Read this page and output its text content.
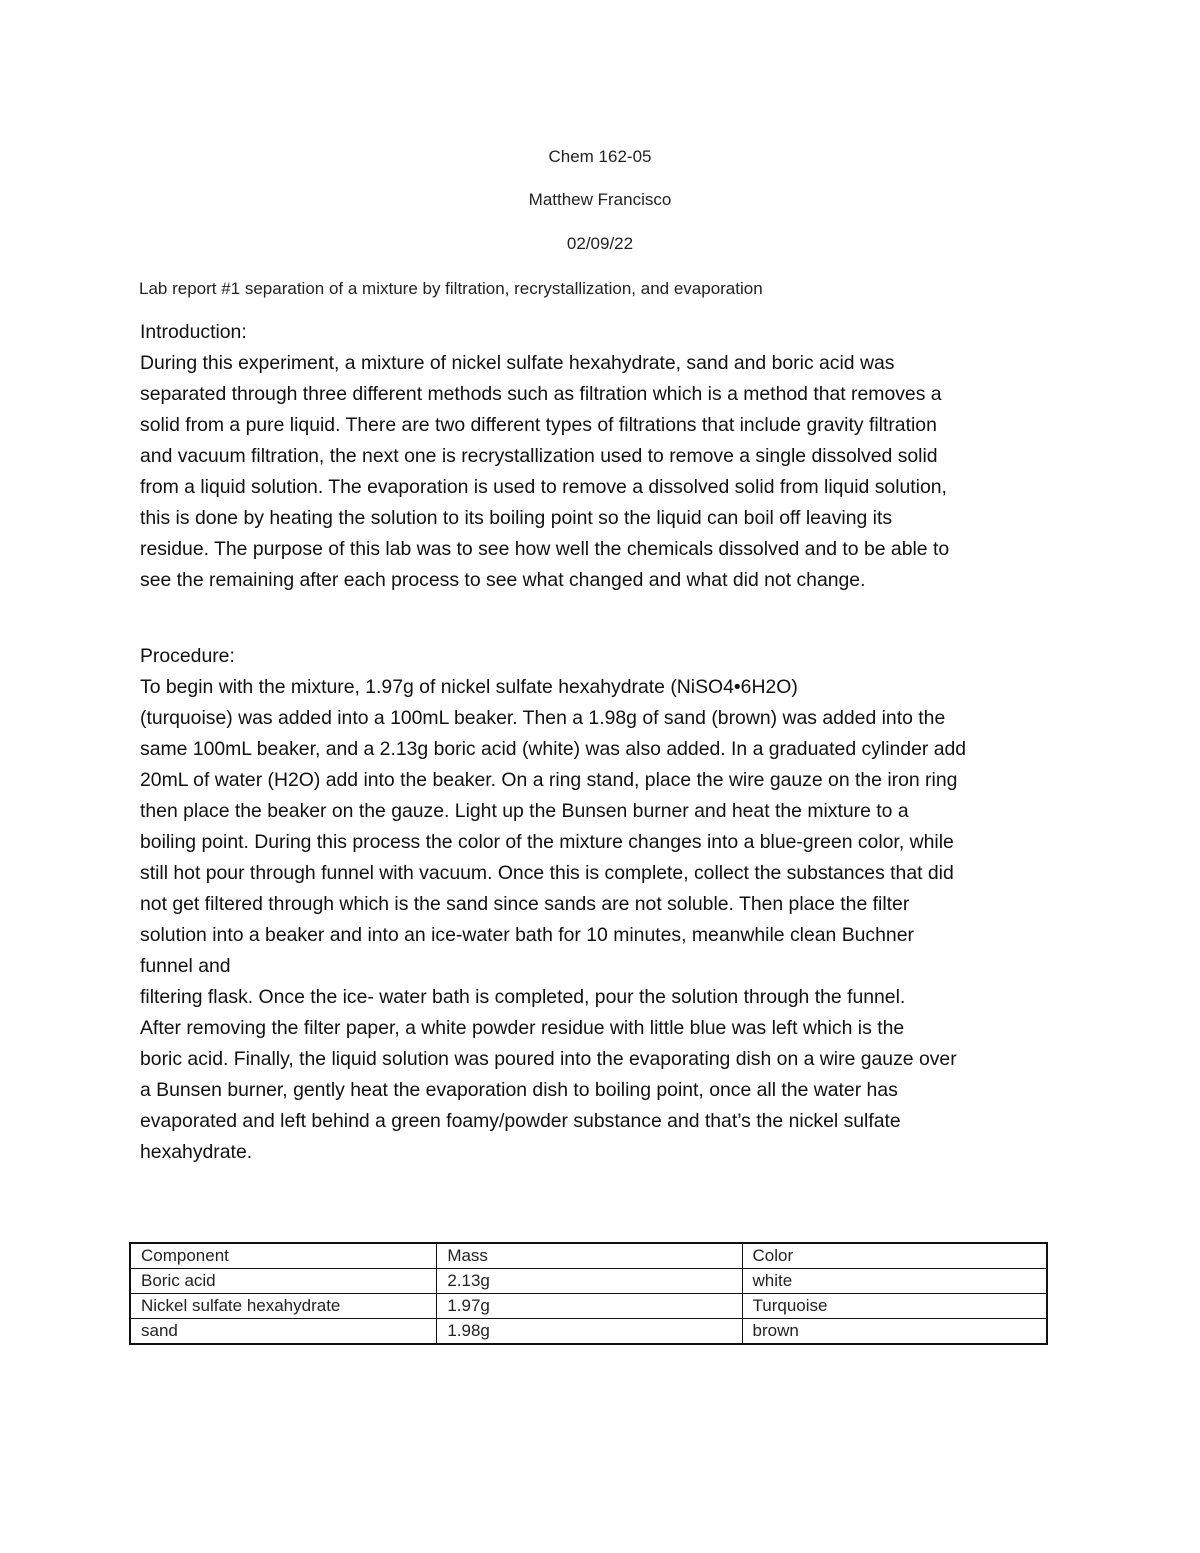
Chem 162-05
Matthew Francisco
02/09/22
Lab report #1 separation of a mixture by filtration, recrystallization, and evaporation
Introduction:
During this experiment, a mixture of nickel sulfate hexahydrate, sand and boric acid was
separated through three different methods such as filtration which is a method that removes a
solid from a pure liquid. There are two different types of filtrations that include gravity filtration
and vacuum filtration, the next one is recrystallization used to remove a single dissolved solid
from a liquid solution. The evaporation is used to remove a dissolved solid from liquid solution,
this is done by heating the solution to its boiling point so the liquid can boil off leaving its
residue. The purpose of this lab was to see how well the chemicals dissolved and to be able to
see the remaining after each process to see what changed and what did not change.
Procedure:
To begin with the mixture, 1.97g of nickel sulfate hexahydrate (NiSO4•6H2O)
(turquoise) was added into a 100mL beaker. Then a 1.98g of sand (brown) was added into the
same 100mL beaker, and a 2.13g boric acid (white) was also added. In a graduated cylinder add
20mL of water (H2O) add into the beaker. On a ring stand, place the wire gauze on the iron ring
then place the beaker on the gauze. Light up the Bunsen burner and heat the mixture to a
boiling point. During this process the color of the mixture changes into a blue-green color, while
still hot pour through funnel with vacuum. Once this is complete, collect the substances that did
not get filtered through which is the sand since sands are not soluble. Then place the filter
solution into a beaker and into an ice-water bath for 10 minutes, meanwhile clean Buchner
funnel and
filtering flask. Once the ice- water bath is completed, pour the solution through the funnel.
After removing the filter paper, a white powder residue with little blue was left which is the
boric acid. Finally, the liquid solution was poured into the evaporating dish on a wire gauze over
a Bunsen burner, gently heat the evaporation dish to boiling point, once all the water has
evaporated and left behind a green foamy/powder substance and that’s the nickel sulfate
hexahydrate.
Component	Mass	Color
Boric acid	2.13g	white
Nickel sulfate hexahydrate	1.97g	Turquoise
sand	1.98g	brown
